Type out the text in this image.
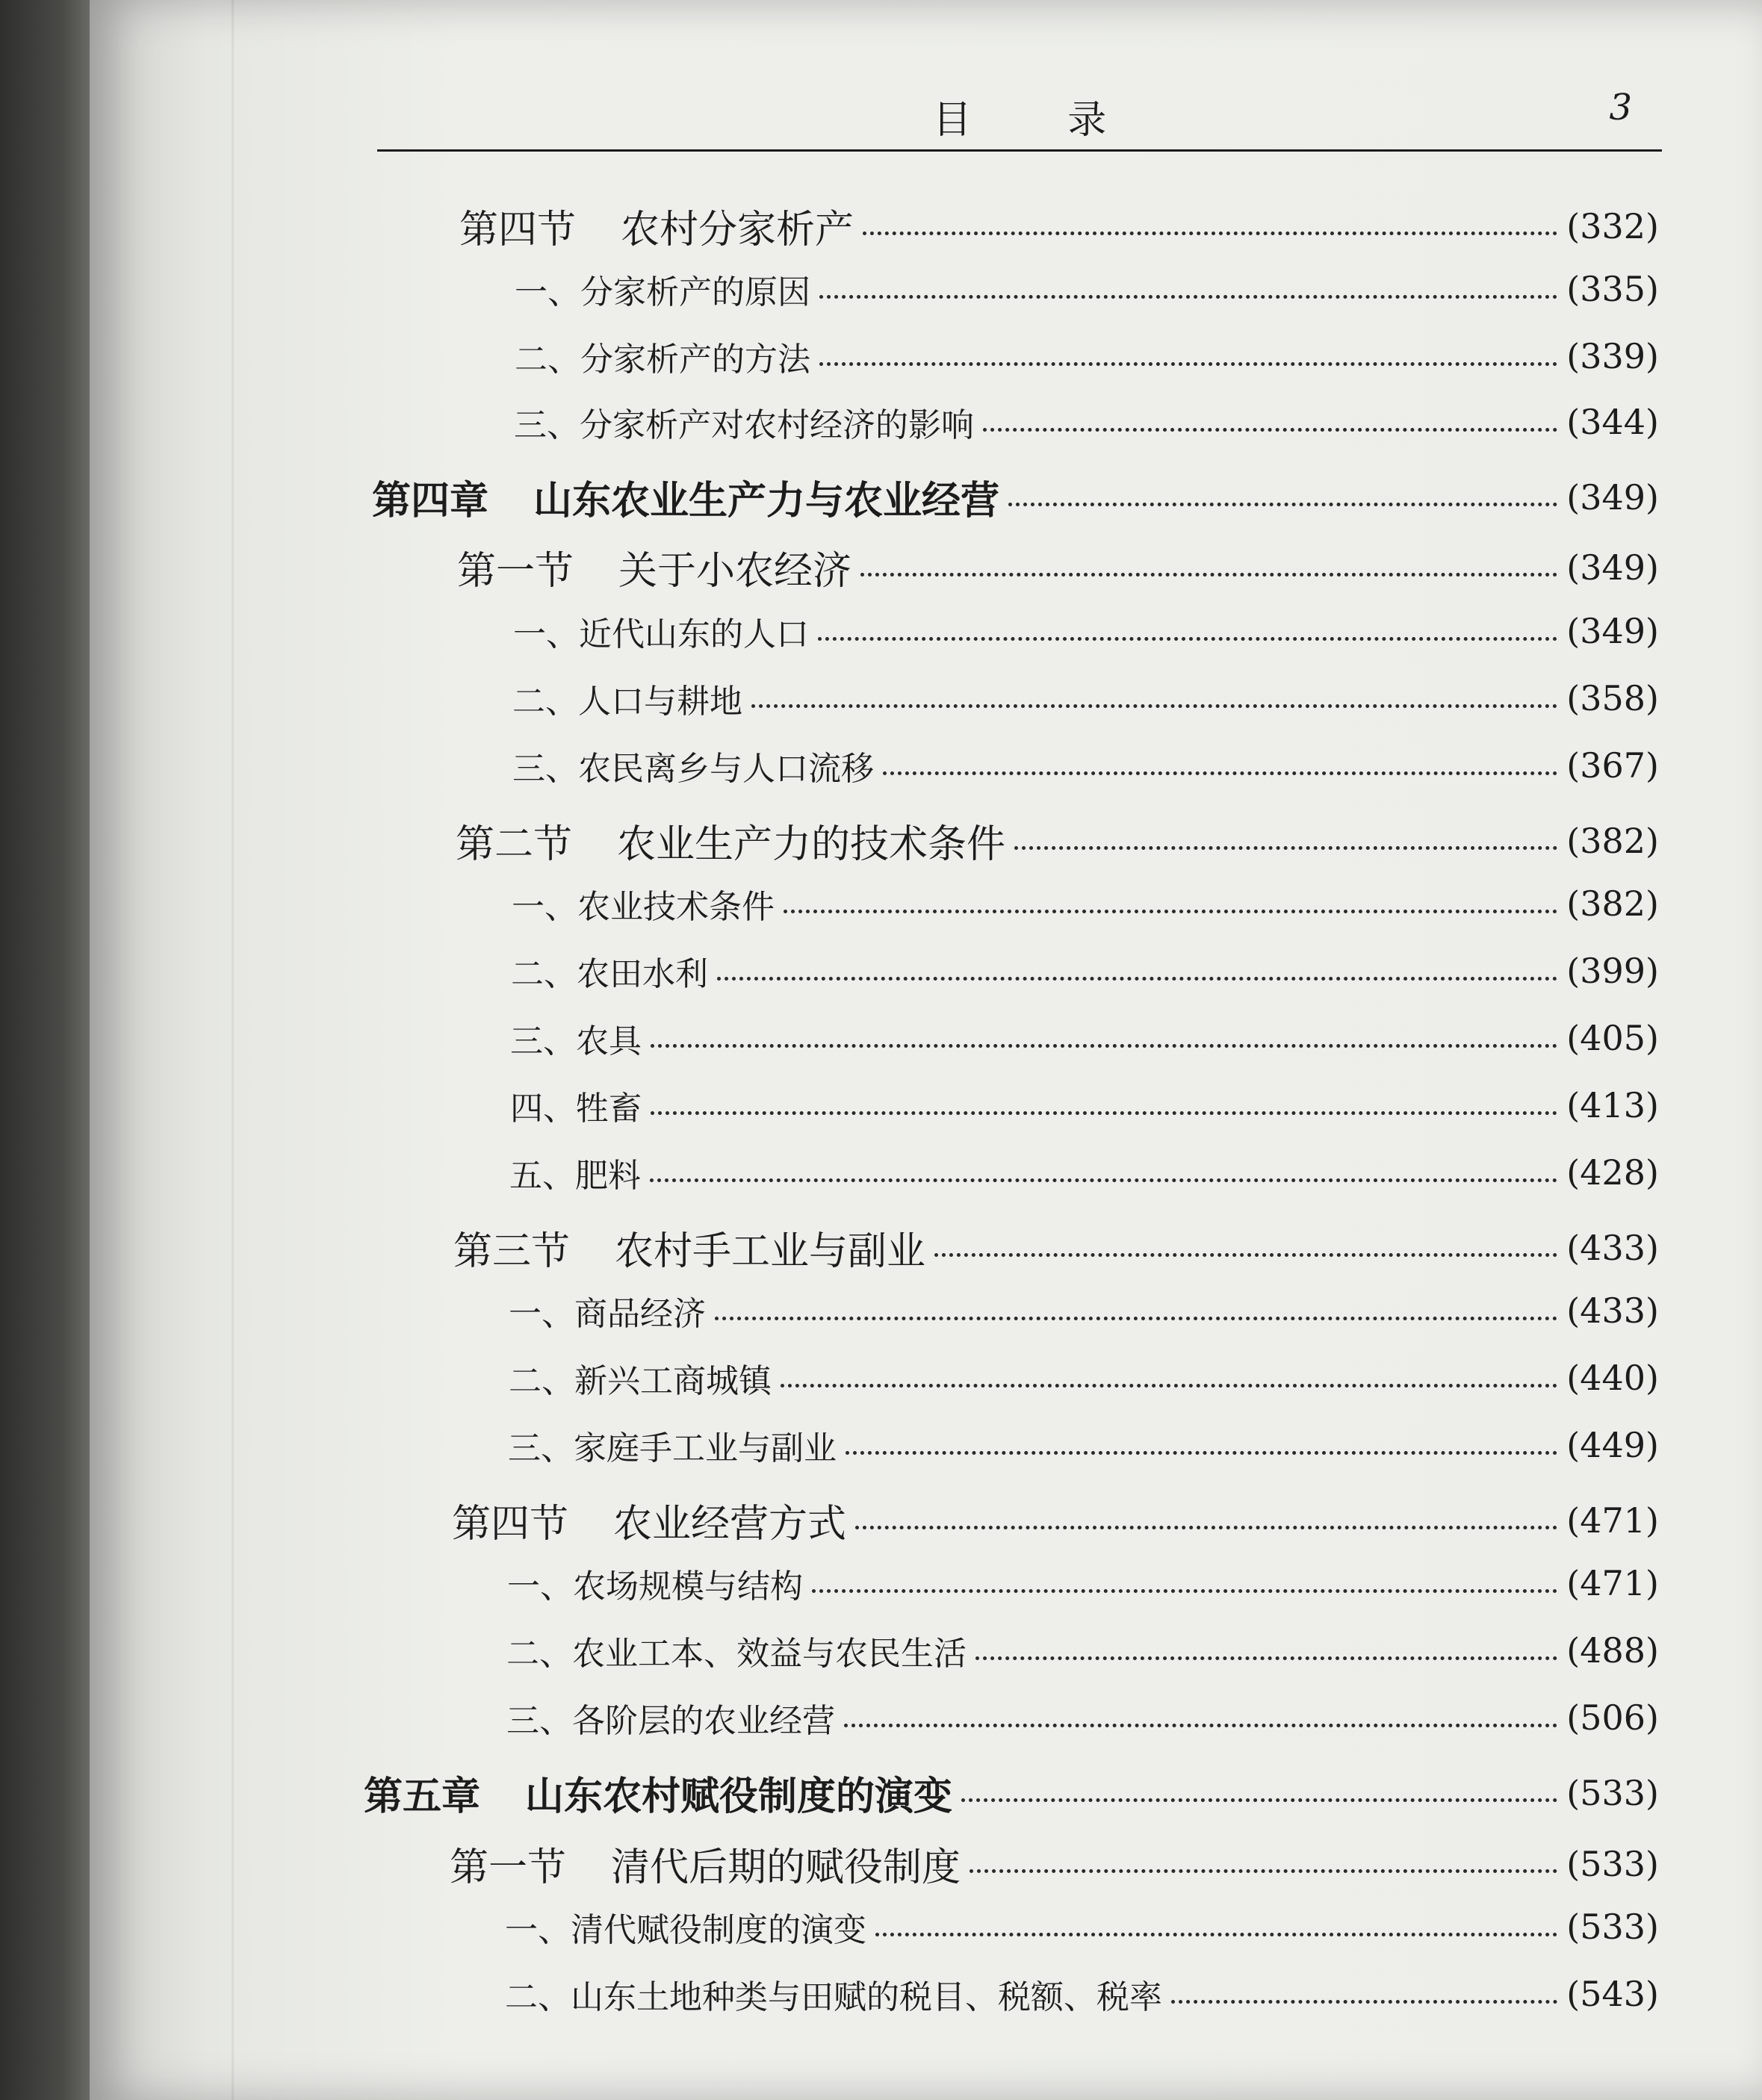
目 录	3
第四节 农村分家析产	(332)
一、分家析产的原因	(335)
二、分家析产的方法	(339)
三、分家析产对农村经济的影响	(344)
第四章 山东农业生产力与农业经营	(349)
第一节 关于小农经济	(349)
一、近代山东的人口	(349)
二、人口与耕地	(358)
三、农民离乡与人口流移	(367)
第二节 农业生产力的技术条件	(382)
一、农业技术条件	(382)
二、农田水利	(399)
三、农具	(405)
四、牲畜	(413)
五、肥料	(428)
第三节 农村手工业与副业	(433)
一、商品经济	(433)
二、新兴工商城镇	(440)
三、家庭手工业与副业	(449)
第四节 农业经营方式	(471)
一、农场规模与结构	(471)
二、农业工本、效益与农民生活	(488)
三、各阶层的农业经营	(506)
第五章 山东农村赋役制度的演变	(533)
第一节 清代后期的赋役制度	(533)
一、清代赋役制度的演变	(533)
二、山东土地种类与田赋的税目、税额、税率	(543)
